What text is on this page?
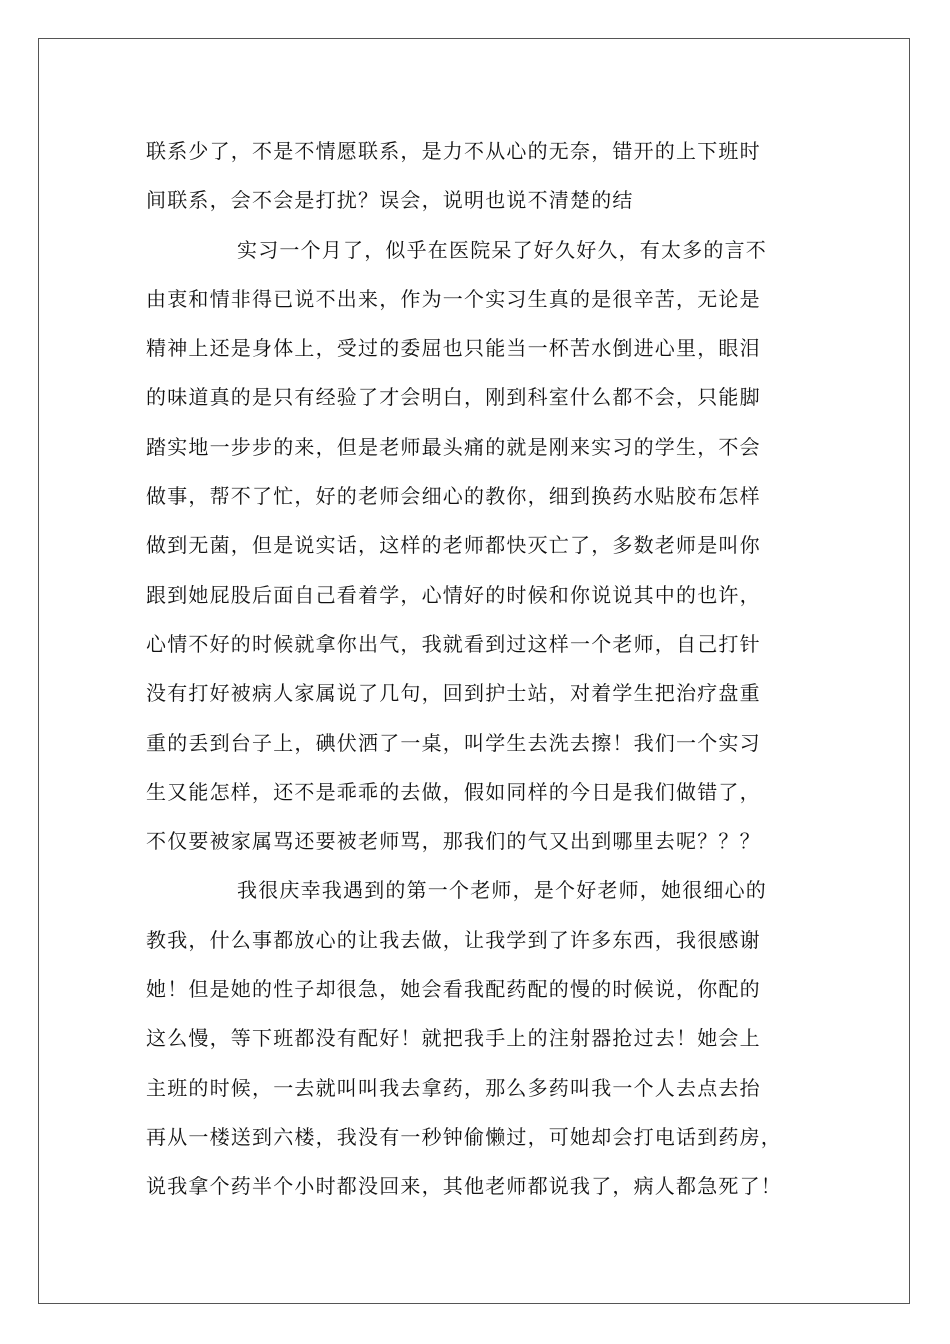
联系少了，不是不情愿联系，是力不从心的无奈，错开的上下班时
间联系，会不会是打扰？误会，说明也说不清楚的结
实习一个月了，似乎在医院呆了好久好久，有太多的言不
由衷和情非得已说不出来，作为一个实习生真的是很辛苦，无论是
精神上还是身体上，受过的委屈也只能当一杯苦水倒进心里，眼泪
的味道真的是只有经验了才会明白，刚到科室什么都不会，只能脚
踏实地一步步的来，但是老师最头痛的就是刚来实习的学生，不会
做事，帮不了忙，好的老师会细心的教你，细到换药水贴胶布怎样
做到无菌，但是说实话，这样的老师都快灭亡了，多数老师是叫你
跟到她屁股后面自己看着学，心情好的时候和你说说其中的也许，
心情不好的时候就拿你出气，我就看到过这样一个老师，自己打针
没有打好被病人家属说了几句，回到护士站，对着学生把治疗盘重
重的丢到台子上，碘伏洒了一桌，叫学生去洗去擦！我们一个实习
生又能怎样，还不是乖乖的去做，假如同样的今日是我们做错了，
不仅要被家属骂还要被老师骂，那我们的气又出到哪里去呢？？？
我很庆幸我遇到的第一个老师，是个好老师，她很细心的
教我，什么事都放心的让我去做，让我学到了许多东西，我很感谢
她！但是她的性子却很急，她会看我配药配的慢的时候说，你配的
这么慢，等下班都没有配好！就把我手上的注射器抢过去！她会上
主班的时候，一去就叫叫我去拿药，那么多药叫我一个人去点去抬
再从一楼送到六楼，我没有一秒钟偷懒过，可她却会打电话到药房，
说我拿个药半个小时都没回来，其他老师都说我了，病人都急死了！
